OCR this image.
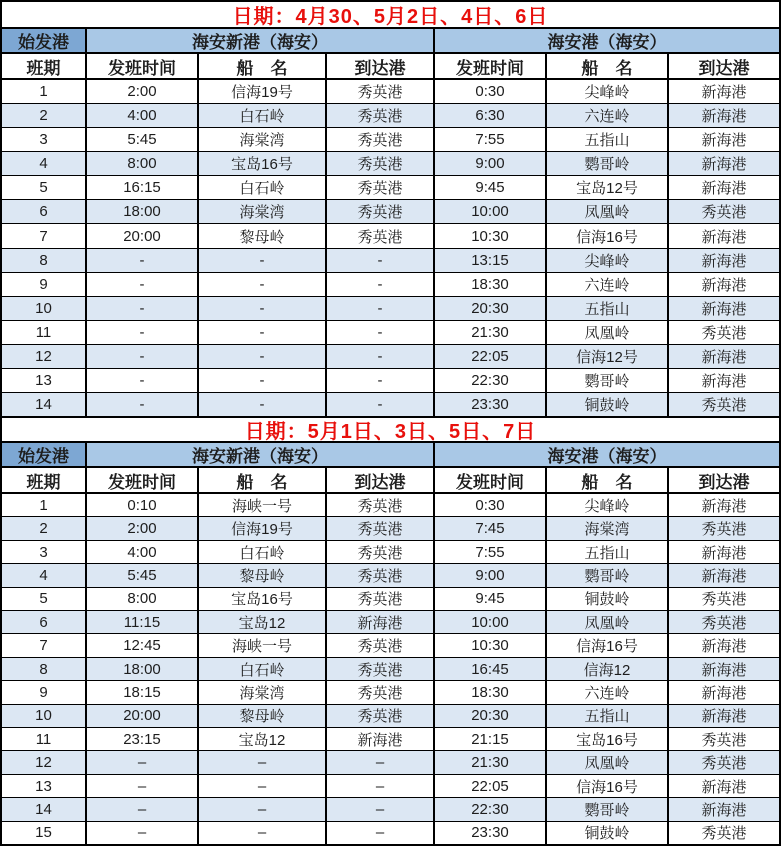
日期：4月30、5月2日、4日、6日
始发港	海安新港（海安）	海安港（海安）
班期	发班时间	船　名	到达港	发班时间	船　名	到达港
1	2:00	信海19号	秀英港	0:30	尖峰岭	新海港
2	4:00	白石岭	秀英港	6:30	六连岭	新海港
3	5:45	海棠湾	秀英港	7:55	五指山	新海港
4	8:00	宝岛16号	秀英港	9:00	鹦哥岭	新海港
5	16:15	白石岭	秀英港	9:45	宝岛12号	新海港
6	18:00	海棠湾	秀英港	10:00	凤凰岭	秀英港
7	20:00	黎母岭	秀英港	10:30	信海16号	新海港
8	-	-	-	13:15	尖峰岭	新海港
9	-	-	-	18:30	六连岭	新海港
10	-	-	-	20:30	五指山	新海港
11	-	-	-	21:30	凤凰岭	秀英港
12	-	-	-	22:05	信海12号	新海港
13	-	-	-	22:30	鹦哥岭	新海港
14	-	-	-	23:30	铜鼓岭	秀英港
日期：5月1日、3日、5日、7日
始发港	海安新港（海安）	海安港（海安）
班期	发班时间	船　名	到达港	发班时间	船　名	到达港
1	0:10	海峡一号	秀英港	0:30	尖峰岭	新海港
2	2:00	信海19号	秀英港	7:45	海棠湾	秀英港
3	4:00	白石岭	秀英港	7:55	五指山	新海港
4	5:45	黎母岭	秀英港	9:00	鹦哥岭	新海港
5	8:00	宝岛16号	秀英港	9:45	铜鼓岭	秀英港
6	11:15	宝岛12	新海港	10:00	凤凰岭	秀英港
7	12:45	海峡一号	秀英港	10:30	信海16号	新海港
8	18:00	白石岭	秀英港	16:45	信海12	新海港
9	18:15	海棠湾	秀英港	18:30	六连岭	新海港
10	20:00	黎母岭	秀英港	20:30	五指山	新海港
11	23:15	宝岛12	新海港	21:15	宝岛16号	秀英港
12	–	–	–	21:30	凤凰岭	秀英港
13	–	–	–	22:05	信海16号	新海港
14	–	–	–	22:30	鹦哥岭	新海港
15	–	–	–	23:30	铜鼓岭	秀英港
